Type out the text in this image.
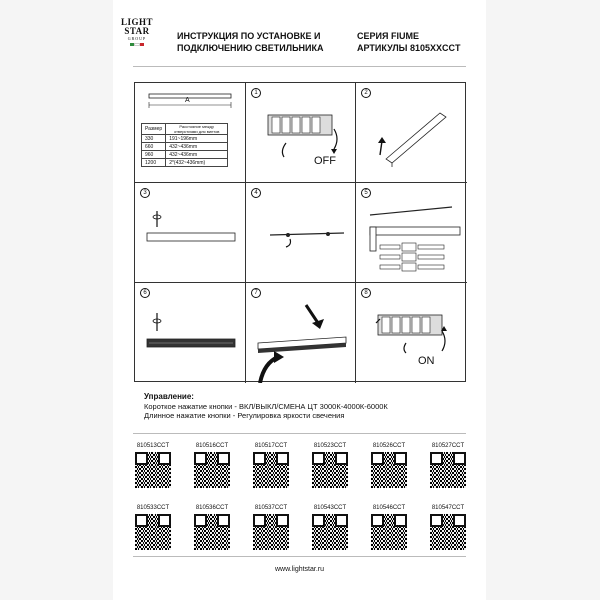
LIGHT
STAR
GROUP	ИНСТРУКЦИЯ ПО УСТАНОВКЕ И
ПОДКЛЮЧЕНИЮ СВЕТИЛЬНИКА
СЕРИЯ FIUME
АРТИКУЛЫ 8105XXCCT
A
Размер	Расстояние между отверстиями для винтов
330	191~196mm
660	432~436mm
960	432~436mm
1200	2*(432~436mm)
1
OFF
2
3	4	5
6	7	8
ON
Управление:
Короткое нажатие кнопки - ВКЛ/ВЫКЛ/СМЕНА ЦТ 3000К-4000К-6000К
Длинное нажатие кнопки - Регулировка яркости свечения
810513CCT	810516CCT	810517CCT	810523CCT	810526CCT	810527CCT
810533CCT	810536CCT	810537CCT	810543CCT	810546CCT	810547CCT
www.lightstar.ru
